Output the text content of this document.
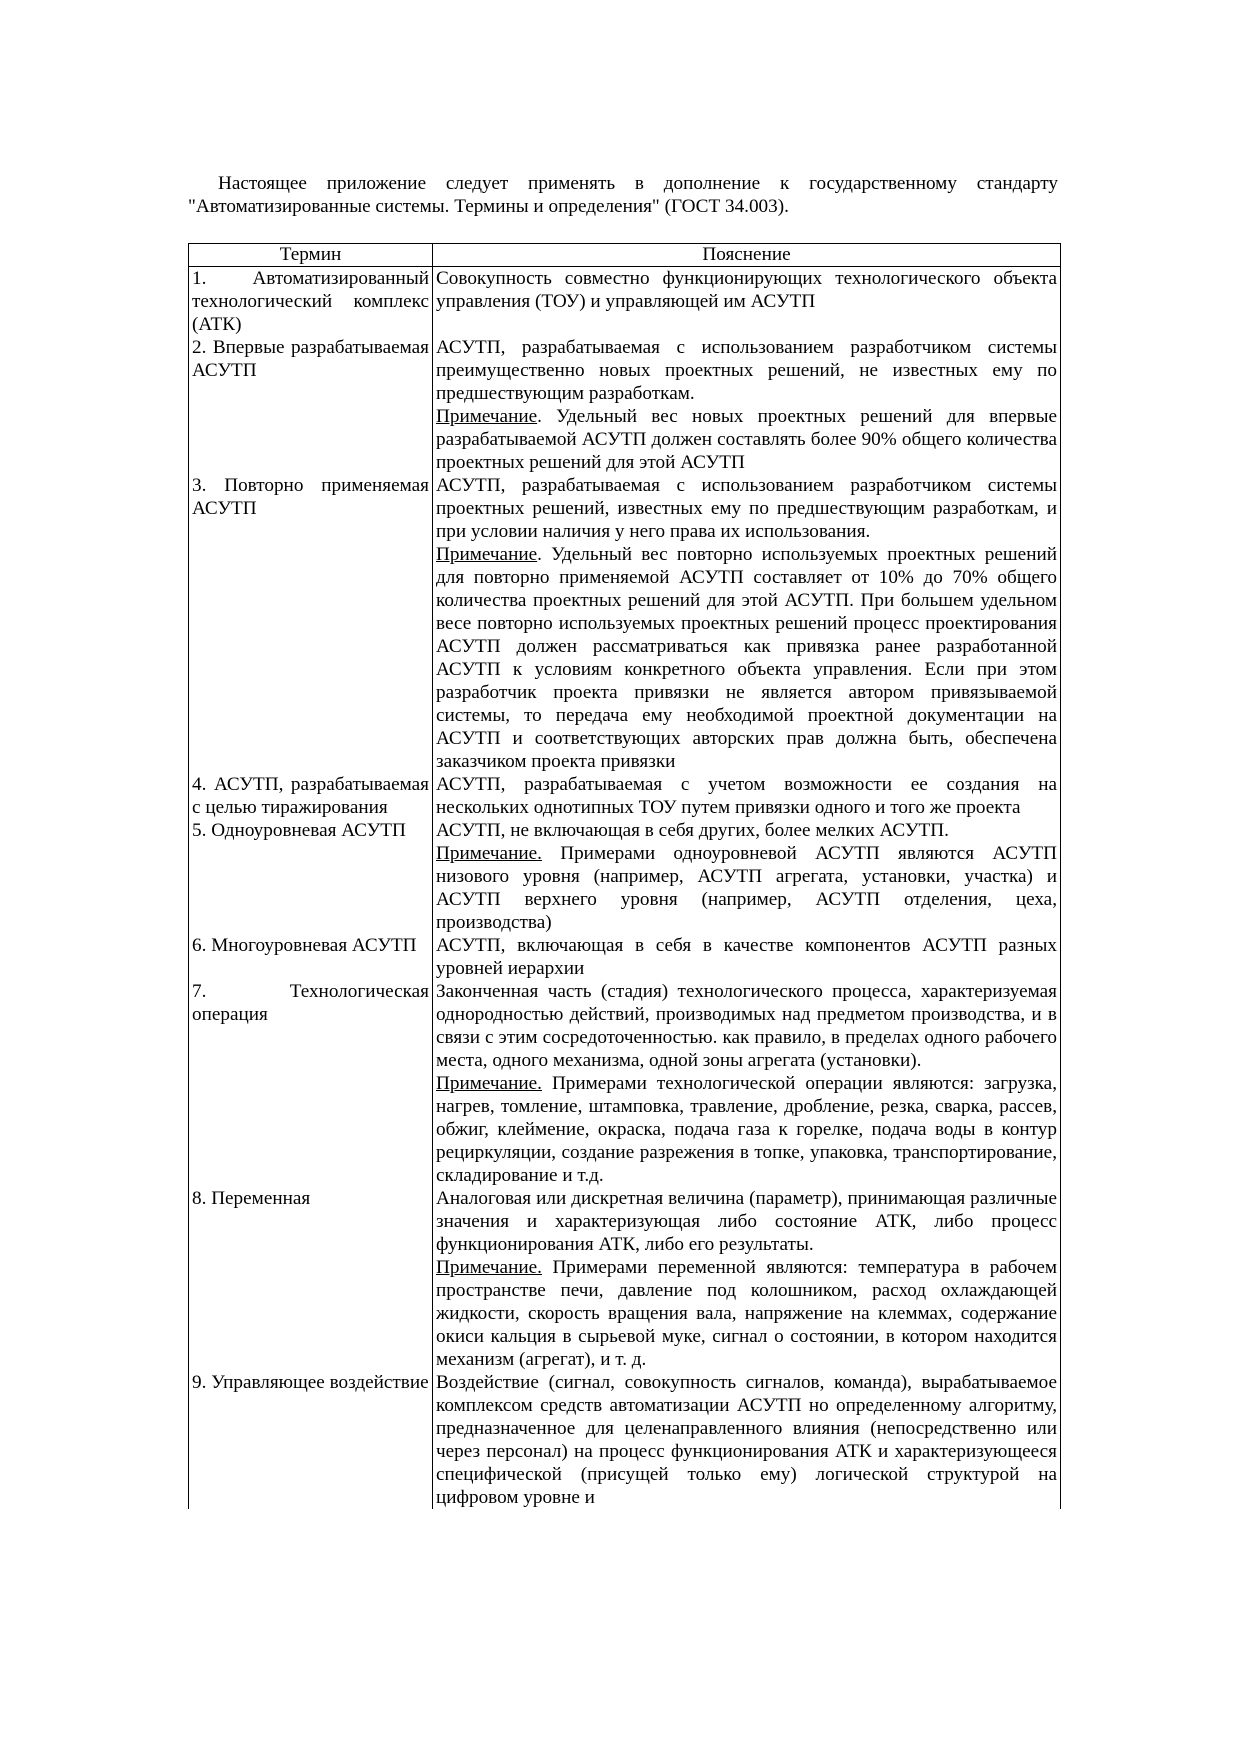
Настоящее приложение следует применять в дополнение к государственному стандарту "Автоматизированные системы. Термины и определения" (ГОСТ 34.003).

Термин	Пояснение

1. Автоматизированный технологический комплекс (АТК)	Совокупность совместно функционирующих технологического объекта управления (ТОУ) и управляющей им АСУТП

2. Впервые разрабатываемая АСУТП	АСУТП, разрабатываемая с использованием разработчиком системы преимущественно новых проектных решений, не известных ему по предшествующим разработкам.

Примечание. Удельный вес новых проектных решений для впервые разрабатываемой АСУТП должен составлять более 90% общего количества проектных решений для этой АСУТП

3. Повторно применяемая АСУТП	АСУТП, разрабатываемая с использованием разработчиком системы проектных решений, известных ему по предшествующим разработкам, и при условии наличия у него права их использования.

Примечание. Удельный вес повторно используемых проектных решений для повторно применяемой АСУТП составляет от 10% до 70% общего количества проектных решений для этой АСУТП. При большем удельном весе повторно используемых проектных решений процесс проектирования АСУТП должен рассматриваться как привязка ранее разработанной АСУТП к условиям конкретного объекта управления. Если при этом разработчик проекта привязки не является автором привязываемой системы, то передача ему необходимой проектной документации на АСУТП и соответствующих авторских прав должна быть, обеспечена заказчиком проекта привязки

4. АСУТП, разрабатываемая с целью тиражирования	АСУТП, разрабатываемая с учетом возможности ее создания на нескольких однотипных ТОУ путем привязки одного и того же проекта

5. Одноуровневая АСУТП	АСУТП, не включающая в себя других, более мелких АСУТП.

Примечание. Примерами одноуровневой АСУТП являются АСУТП низового уровня (например, АСУТП агрегата, установки, участка) и АСУТП верхнего уровня (например, АСУТП отделения, цеха, производства)

6. Многоуровневая АСУТП	АСУТП, включающая в себя в качестве компонентов АСУТП разных уровней иерархии

7. Технологическая операция	Законченная часть (стадия) технологического процесса, характеризуемая однородностью действий, производимых над предметом производства, и в связи с этим сосредоточенностью. как правило, в пределах одного рабочего места, одного механизма, одной зоны агрегата (установки).

Примечание. Примерами технологической операции являются: загрузка, нагрев, томление, штамповка, травление, дробление, резка, сварка, рассев, обжиг, клеймение, окраска, подача газа к горелке, подача воды в контур рециркуляции, создание разрежения в топке, упаковка, транспортирование, складирование и т.д.

8. Переменная	Аналоговая или дискретная величина (параметр), принимающая различные значения и характеризующая либо состояние АТК, либо процесс функционирования АТК, либо его результаты.

Примечание. Примерами переменной являются: температура в рабочем пространстве печи, давление под колошником, расход охлаждающей жидкости, скорость вращения вала, напряжение на клеммах, содержание окиси кальция в сырьевой муке, сигнал о состоянии, в котором находится механизм (агрегат), и т. д.

9. Управляющее воздействие	Воздействие (сигнал, совокупность сигналов, команда), вырабатываемое комплексом средств автоматизации АСУТП но определенному алгоритму, предназначенное для целенаправленного влияния (непосредственно или через персонал) на процесс функционирования АТК и характеризующееся специфической (присущей только ему) логической структурой на цифровом уровне и
